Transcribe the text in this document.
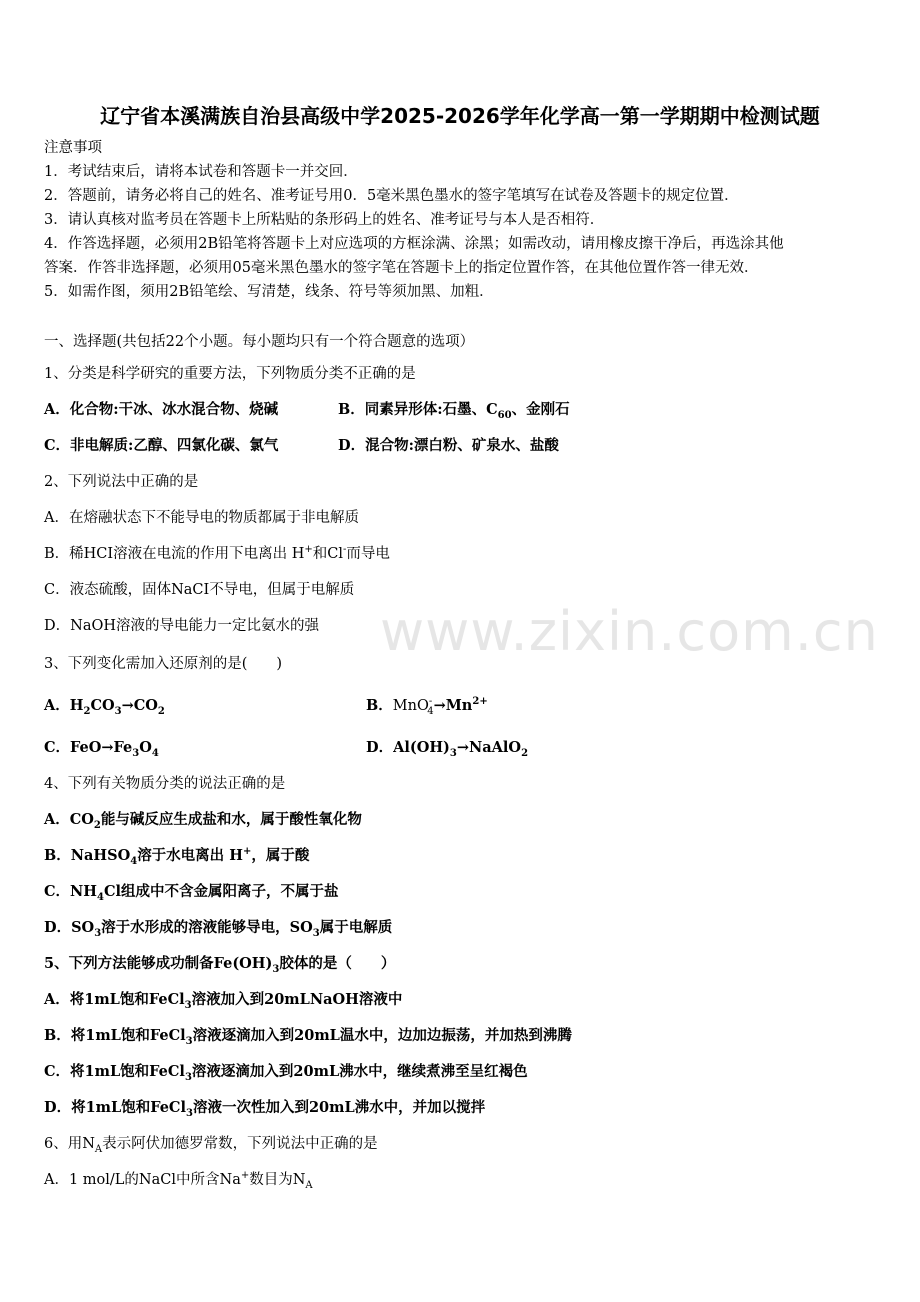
辽宁省本溪满族自治县高级中学2025-2026学年化学高一第一学期期中检测试题
注意事项
1．考试结束后，请将本试卷和答题卡一并交回．
2．答题前，请务必将自己的姓名、准考证号用0．5毫米黑色墨水的签字笔填写在试卷及答题卡的规定位置．
3．请认真核对监考员在答题卡上所粘贴的条形码上的姓名、准考证号与本人是否相符．
4．作答选择题，必须用2B铅笔将答题卡上对应选项的方框涂满、涂黑；如需改动，请用橡皮擦干净后，再选涂其他
答案．作答非选择题，必须用05毫米黑色墨水的签字笔在答题卡上的指定位置作答，在其他位置作答一律无效．
5．如需作图，须用2B铅笔绘、写清楚，线条、符号等须加黑、加粗．
一、选择题(共包括22个小题。每小题均只有一个符合题意的选项）
1、分类是科学研究的重要方法，下列物质分类不正确的是
A．化合物:干冰、冰水混合物、烧碱	B．同素异形体:石墨、$C_{60}$、金刚石
C．非电解质:乙醇、四氯化碳、氯气	D．混合物:漂白粉、矿泉水、盐酸
2、下列说法中正确的是
A．在熔融状态下不能导电的物质都属于非电解质
B．稀HCI溶液在电流的作用下电离出 H+和Cl-而导电
C．液态硫酸，固体NaCI不导电，但属于电解质
D．NaOH溶液的导电能力一定比氨水的强 www.zixin.com.cn
3、下列变化需加入还原剂的是(　　)
A．$H_2CO_3\to CO_2$	B．$MnO^-_4\to Mn^{2+}$
C．$FeO\to Fe_3O_4$	D．$Al(OH)_3\to NaAlO_2$
4、下列有关物质分类的说法正确的是
A．$CO_2$能与碱反应生成盐和水，属于酸性氧化物
B．NaHSO$_4$溶于水电离出 H+，属于酸
C．$NH_4Cl$组成中不含金属阳离子，不属于盐
D．$SO_3$溶于水形成的溶液能够导电，$SO_3$属于电解质
5、下列方法能够成功制备$Fe(OH)_3$胶体的是（　　）
A．将1mL饱和FeCl$_3$溶液加入到20mLNaOH溶液中
B．将1mL饱和FeCl$_3$溶液逐滴加入到20mL温水中，边加边振荡，并加热到沸腾
C．将1mL饱和FeCl$_3$溶液逐滴加入到20mL沸水中，继续煮沸至呈红褐色
D．将1mL饱和FeCl$_3$溶液一次性加入到20mL沸水中，并加以搅拌
6、用$N_A$表示阿伏加德罗常数，下列说法中正确的是
A．1 mol/L的NaCl中所含Na+数目为$N_A$
